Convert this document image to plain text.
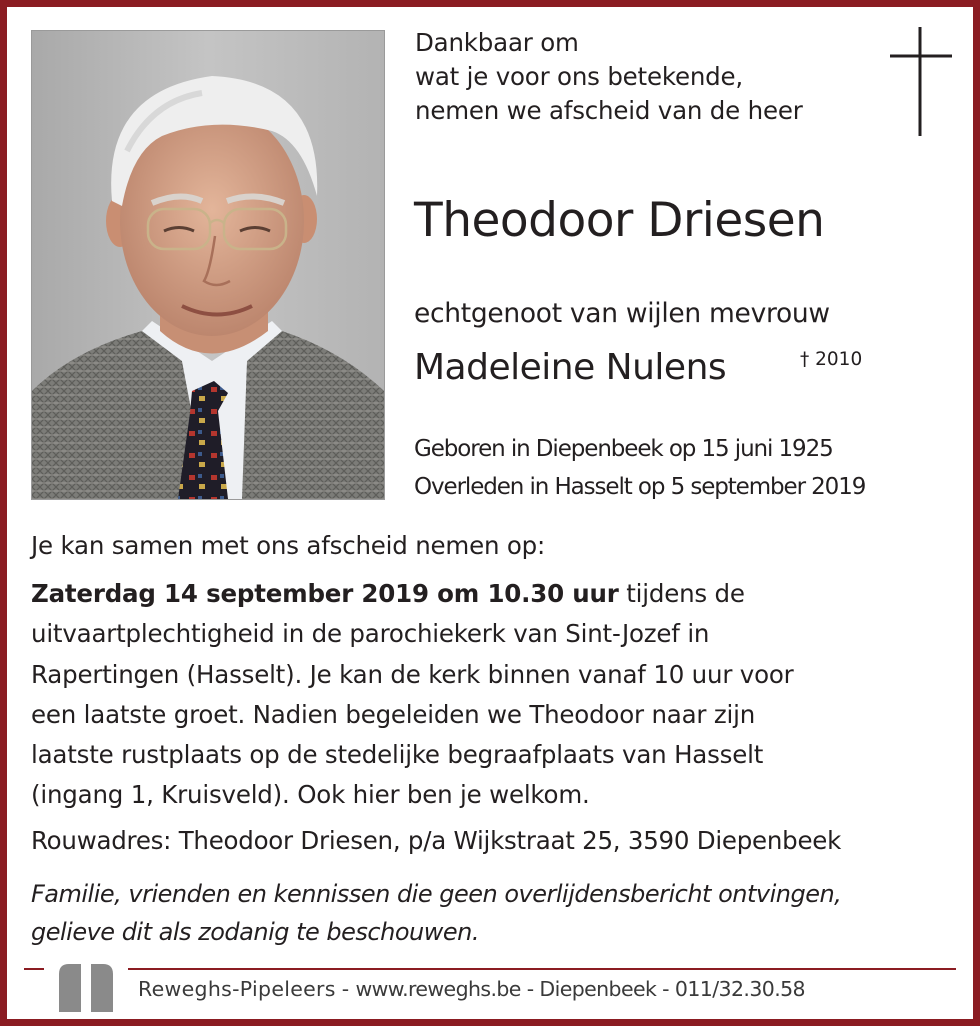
Dankbaar om
wat je voor ons betekende,
nemen we afscheid van de heer
Theodoor Driesen
echtgenoot van wijlen mevrouw
Madeleine Nulens	† 2010
Geboren in Diepenbeek op 15 juni 1925
Overleden in Hasselt op 5 september 2019
Je kan samen met ons afscheid nemen op:
Zaterdag 14 september 2019 om 10.30 uur tijdens de
uitvaartplechtigheid in de parochiekerk van Sint-Jozef in
Rapertingen (Hasselt). Je kan de kerk binnen vanaf 10 uur voor
een laatste groet. Nadien begeleiden we Theodoor naar zijn
laatste rustplaats op de stedelijke begraafplaats van Hasselt
(ingang 1, Kruisveld). Ook hier ben je welkom.
Rouwadres: Theodoor Driesen, p/a Wijkstraat 25, 3590 Diepenbeek
Familie, vrienden en kennissen die geen overlijdensbericht ontvingen,
gelieve dit als zodanig te beschouwen.
Reweghs-Pipeleers - www.reweghs.be - Diepenbeek - 011/32.30.58
